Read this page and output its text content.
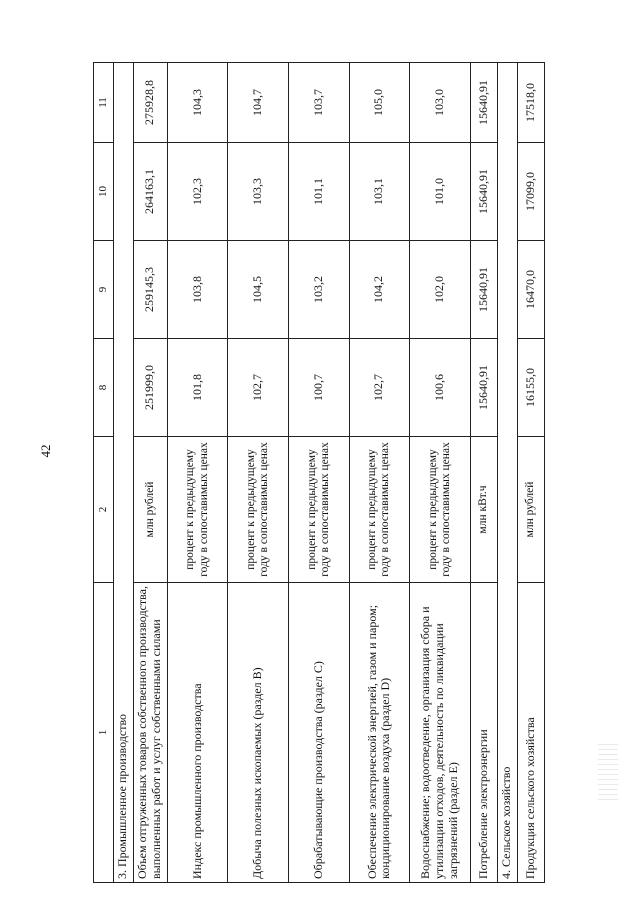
42
1	2	8	9	10	11
3. Промышленное производство					
Объем отгруженных товаров собственного производства, выполненных работ и услуг собственными силами	млн рублей	251999,0	259145,3	264163,1	275928,8
Индекс промышленного производства	процент к предыдущему году в сопоставимых ценах	101,8	103,8	102,3	104,3
Добыча полезных ископаемых (раздел B)	процент к предыдущему году в сопоставимых ценах	102,7	104,5	103,3	104,7
Обрабатывающие производства (раздел C)	процент к предыдущему году в сопоставимых ценах	100,7	103,2	101,1	103,7
Обеспечение электрической энергией, газом и паром; кондиционирование воздуха (раздел D)	процент к предыдущему году в сопоставимых ценах	102,7	104,2	103,1	105,0
Водоснабжение; водоотведение, организация сбора и утилизации отходов, деятельность по ликвидации загрязнений (раздел E)	процент к предыдущему году в сопоставимых ценах	100,6	102,0	101,0	103,0
Потребление электроэнергии	млн кВт.ч	15640,91	15640,91	15640,91	15640,91
4. Сельское хозяйство					
Продукция сельского хозяйства	млн рублей	16155,0	16470,0	17099,0	17518,0
